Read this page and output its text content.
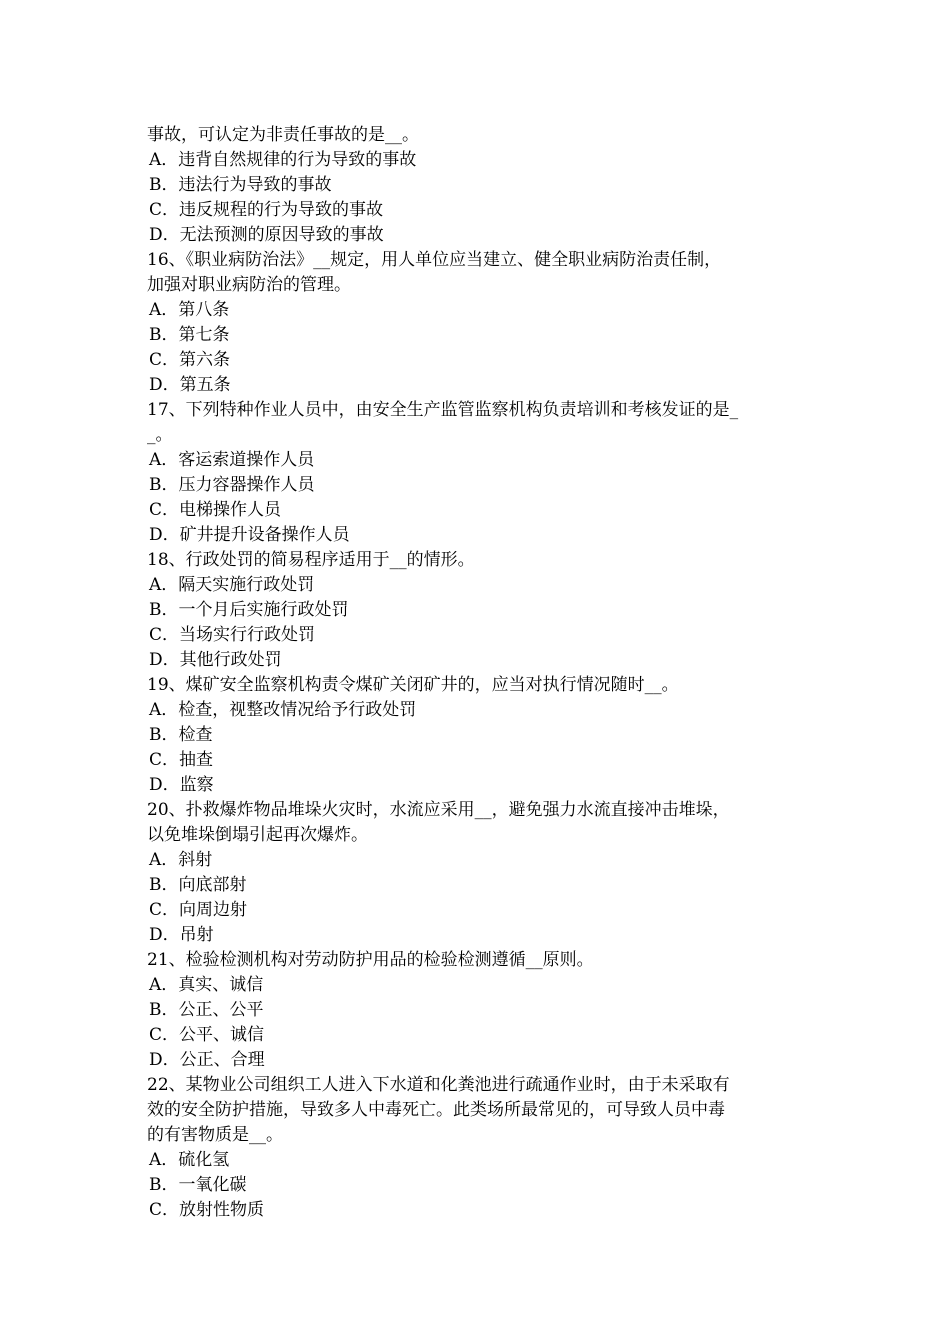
事故，可认定为非责任事故的是__。
A．违背自然规律的行为导致的事故
B．违法行为导致的事故
C．违反规程的行为导致的事故
D．无法预测的原因导致的事故
16、《职业病防治法》__规定，用人单位应当建立、健全职业病防治责任制，
加强对职业病防治的管理。
A．第八条
B．第七条
C．第六条
D．第五条
17、下列特种作业人员中，由安全生产监管监察机构负责培训和考核发证的是_
_。
A．客运索道操作人员
B．压力容器操作人员
C．电梯操作人员
D．矿井提升设备操作人员
18、行政处罚的简易程序适用于__的情形。
A．隔天实施行政处罚
B．一个月后实施行政处罚
C．当场实行行政处罚
D．其他行政处罚
19、煤矿安全监察机构责令煤矿关闭矿井的，应当对执行情况随时__。
A．检查，视整改情况给予行政处罚
B．检查
C．抽查
D．监察
20、扑救爆炸物品堆垛火灾时，水流应采用__，避免强力水流直接冲击堆垛，
以免堆垛倒塌引起再次爆炸。
A．斜射
B．向底部射
C．向周边射
D．吊射
21、检验检测机构对劳动防护用品的检验检测遵循__原则。
A．真实、诚信
B．公正、公平
C．公平、诚信
D．公正、合理
22、某物业公司组织工人进入下水道和化粪池进行疏通作业时，由于未采取有
效的安全防护措施，导致多人中毒死亡。此类场所最常见的，可导致人员中毒
的有害物质是__。
A．硫化氢
B．一氧化碳
C．放射性物质
